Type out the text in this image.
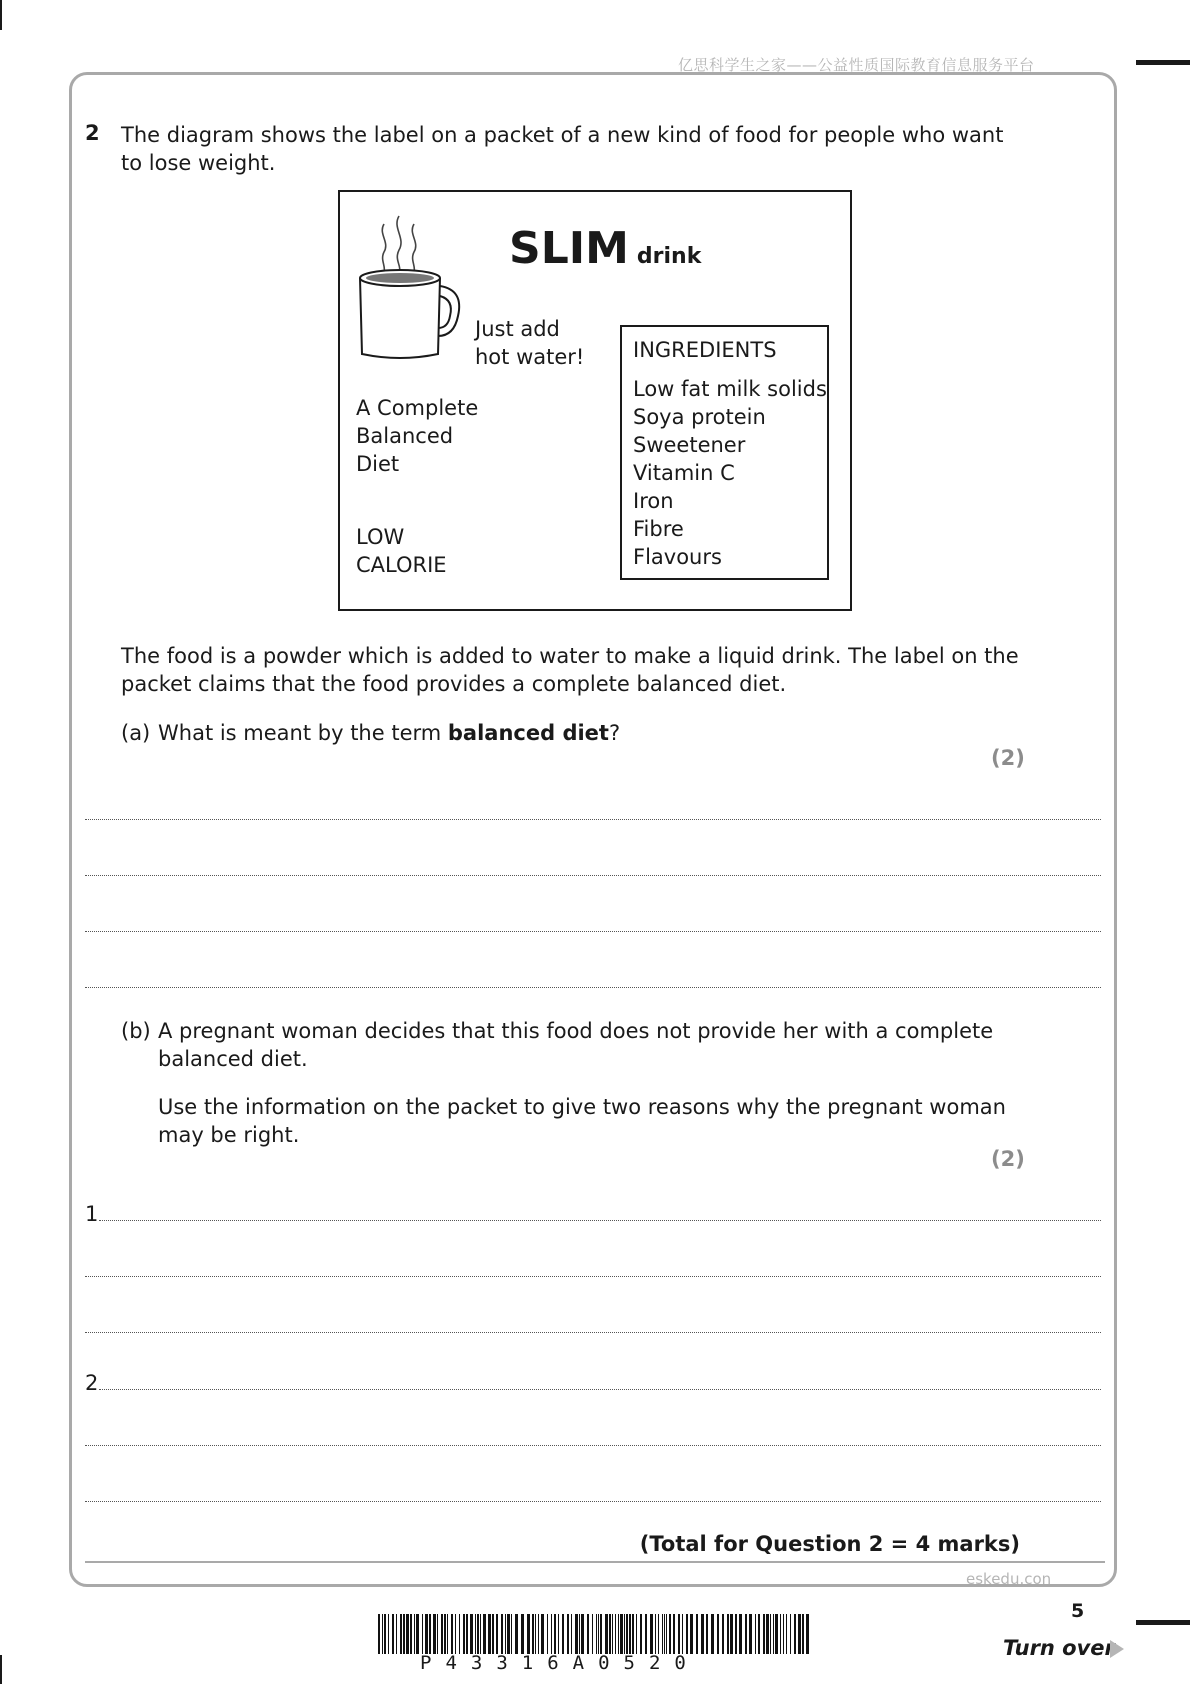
亿思科学生之家——公益性质国际教育信息服务平台
2 The diagram shows the label on a packet of a new kind of food for people who want
to lose weight.
SLIM drink
Just add
hot water!
A Complete
Balanced
Diet
LOW
CALORIE
INGREDIENTS
Low fat milk solids
Soya protein
Sweetener
Vitamin C
Iron
Fibre
Flavours
The food is a powder which is added to water to make a liquid drink. The label on the
packet claims that the food provides a complete balanced diet.
(a) What is meant by the term balanced diet?
(2)
(b) A pregnant woman decides that this food does not provide her with a complete
balanced diet.
Use the information on the packet to give two reasons why the pregnant woman
may be right.
(2)
1
2
(Total for Question 2 = 4 marks)
eskedu.con
P43316A0520
5
Turn over
